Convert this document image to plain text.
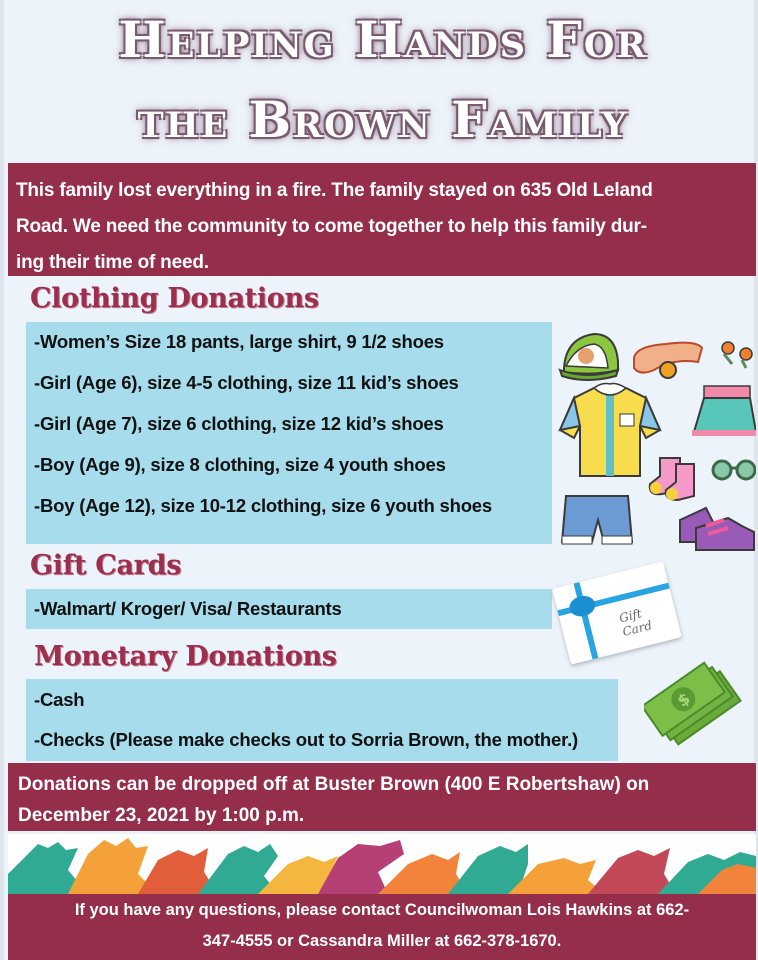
Helping Hands For
the Brown Family
This family lost everything in a fire. The family stayed on 635 Old Leland
Road. We need the community to come together to help this family dur-
ing their time of need.
Clothing Donations
-Women’s Size 18 pants, large shirt, 9 1/2 shoes
-Girl (Age 6), size 4-5 clothing, size 11 kid’s shoes
-Girl (Age 7), size 6 clothing, size 12 kid’s shoes
-Boy (Age 9), size 8 clothing, size 4 youth shoes
-Boy (Age 12), size 10-12 clothing, size 6 youth shoes
Gift Cards
-Walmart/ Kroger/ Visa/ Restaurants	Gift Card
Monetary Donations
-Cash
-Checks (Please make checks out to Sorria Brown, the mother.)
$
Donations can be dropped off at Buster Brown (400 E Robertshaw) on
December 23, 2021 by 1:00 p.m.
If you have any questions, please contact Councilwoman Lois Hawkins at 662-
347-4555 or Cassandra Miller at 662-378-1670.
